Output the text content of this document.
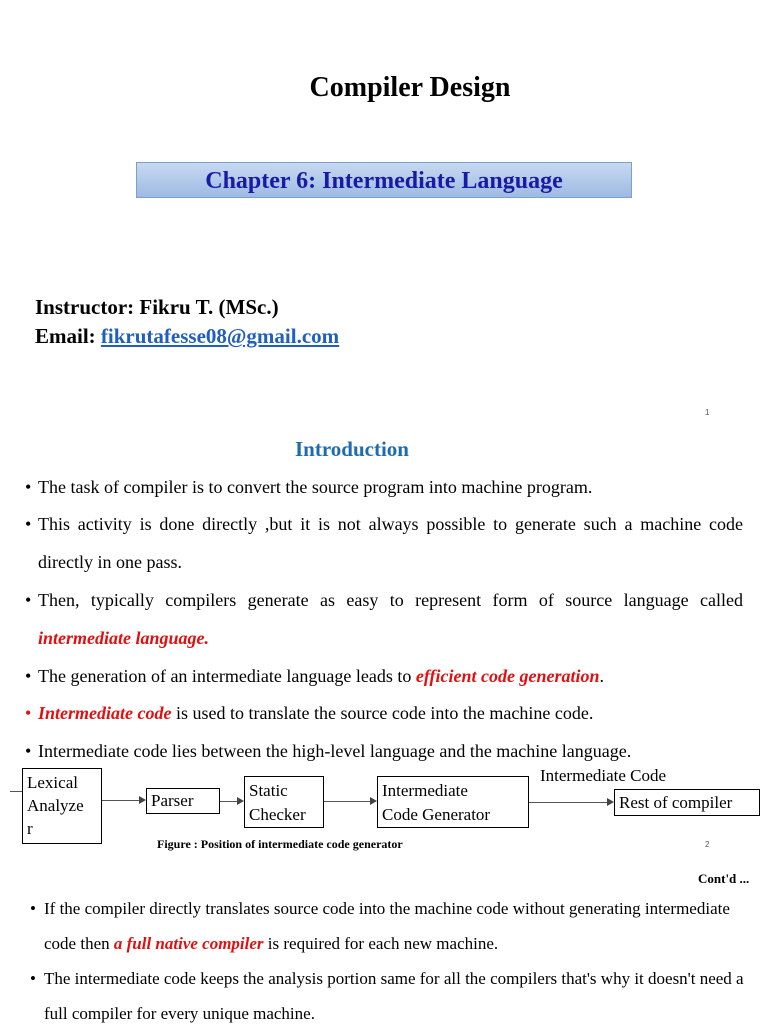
Compiler Design
Chapter 6: Intermediate Language
Instructor: Fikru T. (MSc.)
Email: fikrutafesse08@gmail.com
1
Introduction
• The task of compiler is to convert the source program into machine program.
• This activity is done directly ,but it is not always possible to generate such a machine code directly in one pass.
• Then, typically compilers generate as easy to represent form of source language called intermediate language.
• The generation of an intermediate language leads to efficient code generation.
• Intermediate code is used to translate the source code into the machine code.
• Intermediate code lies between the high-level language and the machine language.
Intermediate Code
Lexical
Analyze
r
Parser
Static
Checker
Intermediate
Code Generator
Rest of compiler
Figure : Position of intermediate code generator	2
Cont'd ...
• If the compiler directly translates source code into the machine code without generating intermediate code then a full native compiler is required for each new machine.
• The intermediate code keeps the analysis portion same for all the compilers that's why it doesn't need a full compiler for every unique machine.
